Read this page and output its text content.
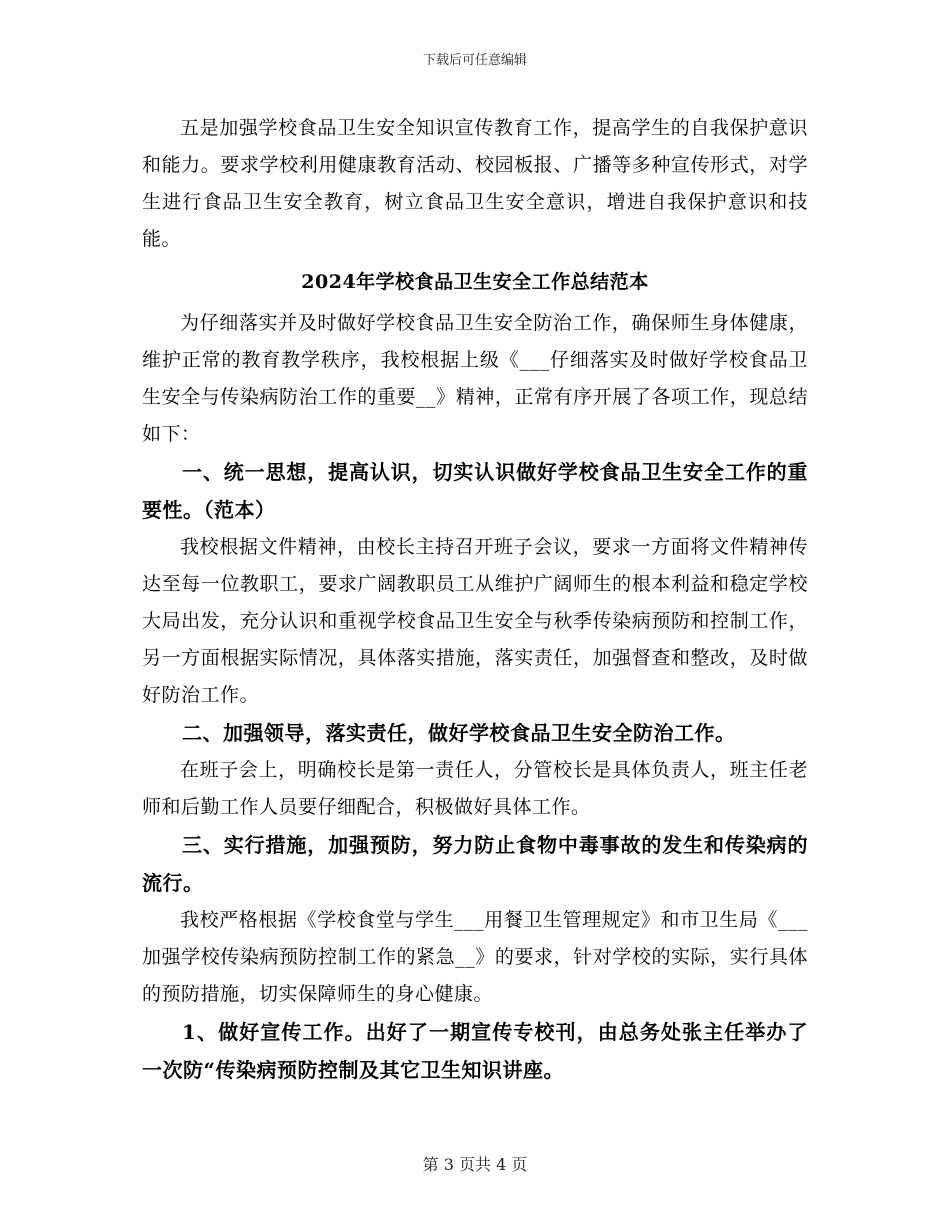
下载后可任意编辑

五是加强学校食品卫生安全知识宣传教育工作，提高学生的自我保护意识和能力。要求学校利用健康教育活动、校园板报、广播等多种宣传形式，对学生进行食品卫生安全教育，树立食品卫生安全意识，增进自我保护意识和技能。

2024年学校食品卫生安全工作总结范本

为仔细落实并及时做好学校食品卫生安全防治工作，确保师生身体健康，维护正常的教育教学秩序，我校根据上级《___仔细落实及时做好学校食品卫生安全与传染病防治工作的重要__》精神，正常有序开展了各项工作，现总结如下：

一、统一思想，提高认识，切实认识做好学校食品卫生安全工作的重要性。（范本）

我校根据文件精神，由校长主持召开班子会议，要求一方面将文件精神传达至每一位教职工，要求广阔教职员工从维护广阔师生的根本利益和稳定学校大局出发，充分认识和重视学校食品卫生安全与秋季传染病预防和控制工作，另一方面根据实际情况，具体落实措施，落实责任，加强督查和整改，及时做好防治工作。

二、加强领导，落实责任，做好学校食品卫生安全防治工作。

在班子会上，明确校长是第一责任人，分管校长是具体负责人，班主任老师和后勤工作人员要仔细配合，积极做好具体工作。

三、实行措施，加强预防，努力防止食物中毒事故的发生和传染病的流行。

我校严格根据《学校食堂与学生___用餐卫生管理规定》和市卫生局《___加强学校传染病预防控制工作的紧急__》的要求，针对学校的实际，实行具体的预防措施，切实保障师生的身心健康。

1、做好宣传工作。出好了一期宣传专校刊，由总务处张主任举办了一次防“传染病预防控制及其它卫生知识讲座。

第 3 页共 4 页
